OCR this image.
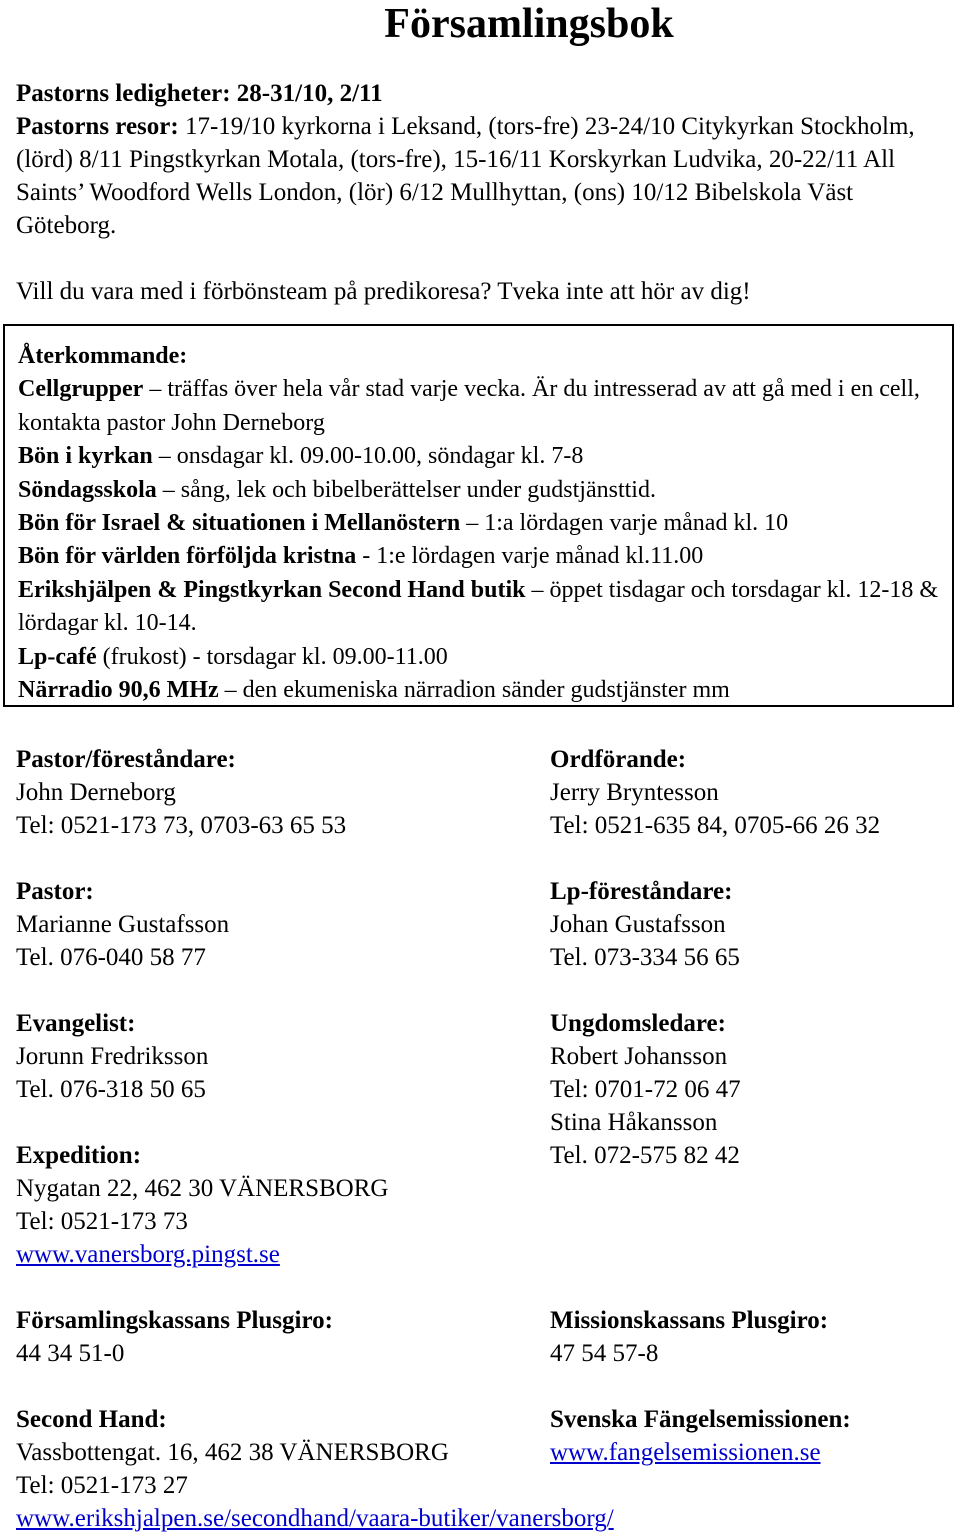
Församlingsbok

Pastorns ledigheter: 28-31/10, 2/11

Pastorns resor: 17-19/10 kyrkorna i Leksand, (tors-fre) 23-24/10 Citykyrkan Stockholm, (lörd) 8/11 Pingstkyrkan Motala, (tors-fre), 15-16/11 Korskyrkan Ludvika, 20-22/11 All Saints’ Woodford Wells London, (lör) 6/12 Mullhyttan, (ons) 10/12 Bibelskola Väst Göteborg.

Vill du vara med i förbönsteam på predikoresa? Tveka inte att hör av dig!

Återkommande:

Cellgrupper – träffas över hela vår stad varje vecka. Är du intresserad av att gå med i en cell, kontakta pastor John Derneborg

Bön i kyrkan – onsdagar kl. 09.00-10.00, söndagar kl. 7-8

Söndagsskola – sång, lek och bibelberättelser under gudstjänsttid.

Bön för Israel & situationen i Mellanöstern – 1:a lördagen varje månad kl. 10

Bön för världen förföljda kristna - 1:e lördagen varje månad kl.11.00

Erikshjälpen & Pingstkyrkan Second Hand butik – öppet tisdagar och torsdagar kl. 12-18 & lördagar kl. 10-14.

Lp-café (frukost) - torsdagar kl. 09.00-11.00

Närradio 90,6 MHz – den ekumeniska närradion sänder gudstjänster mm

Pastor/föreståndare:
John Derneborg
Tel: 0521-173 73, 0703-63 65 53
Ordförande:
Jerry Bryntesson
Tel: 0521-635 84, 0705-66 26 32
Pastor:
Marianne Gustafsson
Tel. 076-040 58 77
Lp-föreståndare:
Johan Gustafsson
Tel. 073-334 56 65
Evangelist:
Jorunn Fredriksson
Tel. 076-318 50 65
Expedition:
Nygatan 22, 462 30 VÄNERSBORG
Tel: 0521-173 73
www.vanersborg.pingst.se
Ungdomsledare:
Robert Johansson
Tel: 0701-72 06 47
Stina Håkansson
Tel. 072-575 82 42
Församlingskassans Plusgiro:
44 34 51-0
Missionskassans Plusgiro:
47 54 57-8
Second Hand:
Vassbottengat. 16, 462 38 VÄNERSBORG
Svenska Fängelsemissionen:
www.fangelsemissionen.se
Tel: 0521-173 27
www.erikshjalpen.se/secondhand/vaara-butiker/vanersborg/
